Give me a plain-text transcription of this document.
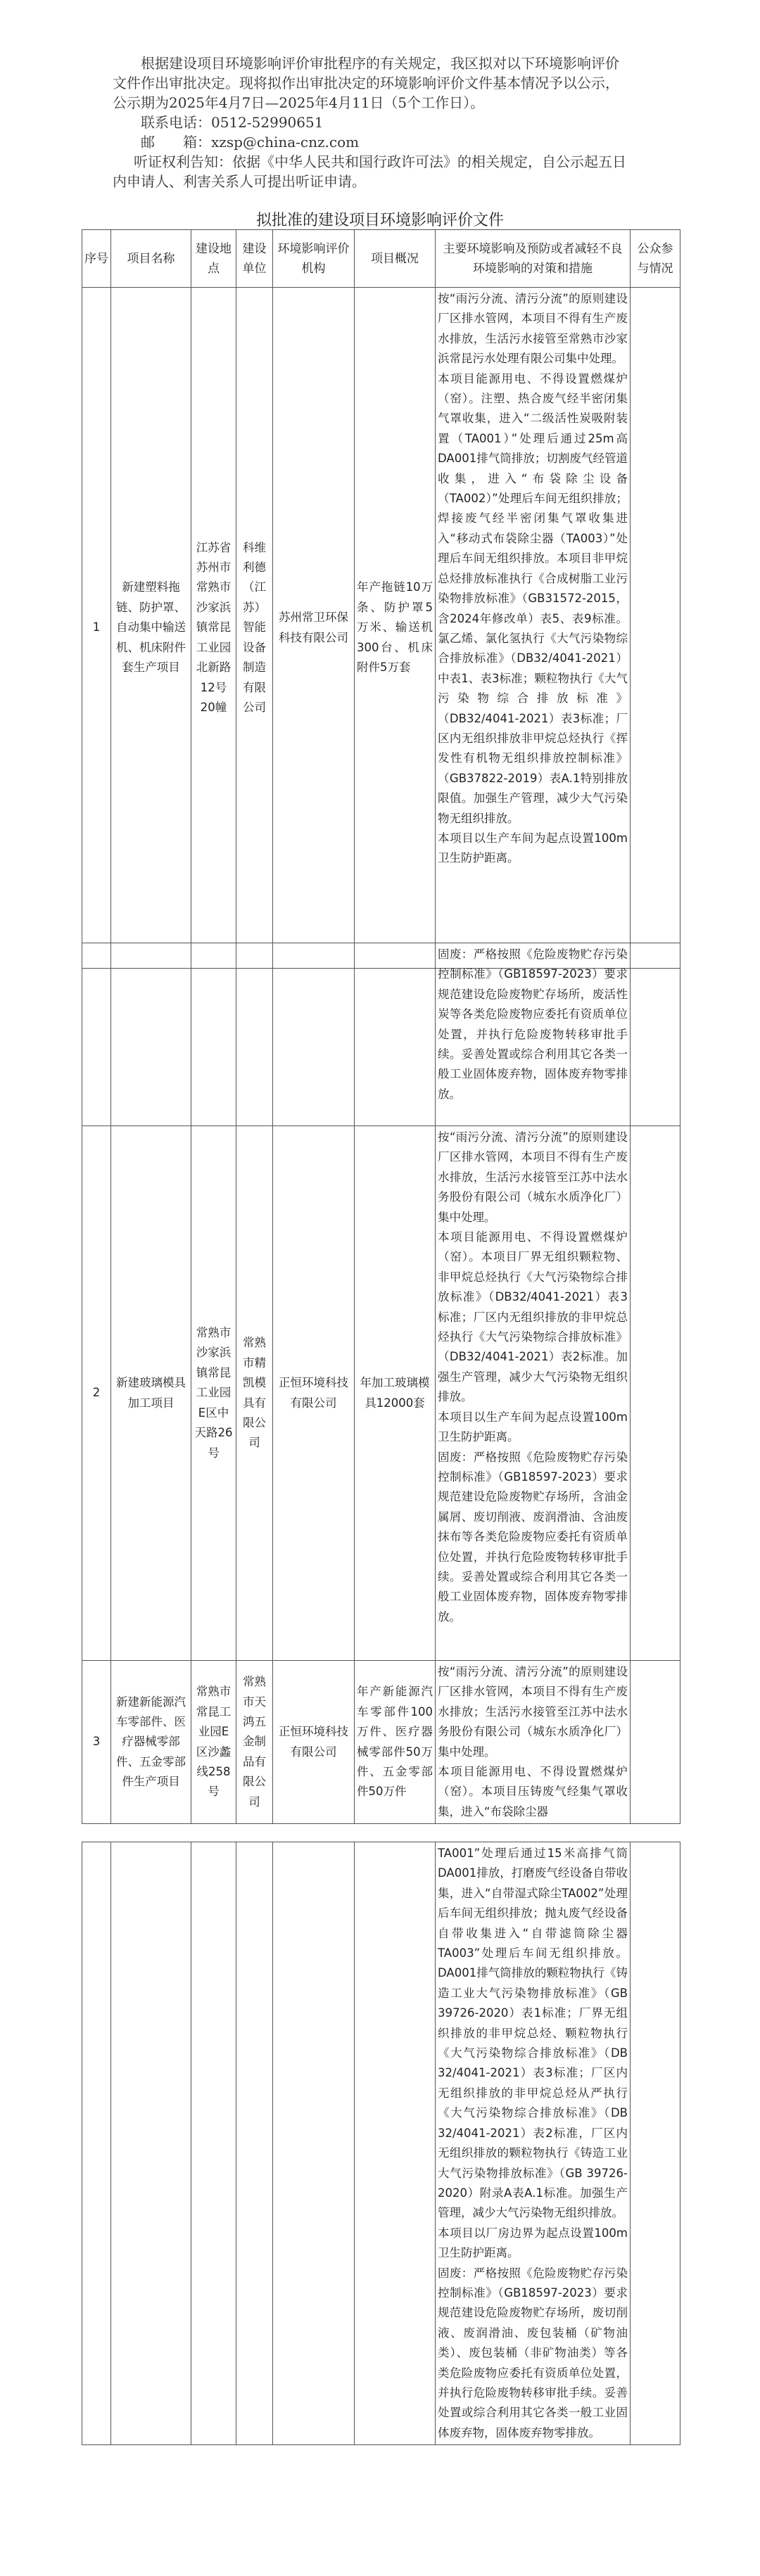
根据建设项目环境影响评价审批程序的有关规定，我区拟对以下环境影响评价文件作出审批决定。现将拟作出审批决定的环境影响评价文件基本情况予以公示，公示期为2025年4月7日—2025年4月11日（5个工作日）。

联系电话：0512-52990651

邮　　箱：xzsp@china-cnz.com

听证权利告知：依据《中华人民共和国行政许可法》的相关规定，自公示起五日内申请人、利害关系人可提出听证申请。

拟批准的建设项目环境影响评价文件
序号	项目名称	建设地点	建设单位	环境影响评价机构	项目概况	主要环境影响及预防或者减轻不良环境影响的对策和措施	公众参与情况
1	新建塑料拖链、防护罩、自动集中输送机、机床附件套生产项目	江苏省苏州市常熟市沙家浜镇常昆工业园北新路12号20幢	科维利德（江苏）智能设备制造有限公司	苏州常卫环保科技有限公司	年产拖链10万条、防护罩5万米、输送机300台、机床附件5万套	按“雨污分流、清污分流”的原则建设厂区排水管网，本项目不得有生产废水排放，生活污水接管至常熟市沙家浜常昆污水处理有限公司集中处理。
本项目能源用电、不得设置燃煤炉（窑）。注塑、热合废气经半密闭集气罩收集，进入“二级活性炭吸附装置（TA001）”处理后通过25m高DA001排气筒排放；切割废气经管道收集，进入“布袋除尘设备（TA002）”处理后车间无组织排放；焊接废气经半密闭集气罩收集进入“移动式布袋除尘器（TA003）”处理后车间无组织排放。本项目非甲烷总烃排放标准执行《合成树脂工业污染物排放标准》（GB31572-2015，含2024年修改单）表5、表9标准。氯乙烯、氯化氢执行《大气污染物综合排放标准》（DB32/4041-2021）中表1、表3标准；颗粒物执行《大气污染物综合排放标准》（DB32/4041-2021）表3标准；厂区内无组织排放非甲烷总烃执行《挥发性有机物无组织排放控制标准》（GB37822-2019）表A.1特别排放限值。加强生产管理，减少大气污染物无组织排放。
本项目以生产车间为起点设置100m卫生防护距离。	

						固废：严格按照《危险废物贮存污染控制标准》（GB18597-2023）要求规范建设危险废物贮存场所，废活性炭等各类危险废物应委托有资质单位处置，并执行危险废物转移审批手续。妥善处置或综合利用其它各类一般工业固体废弃物，固体废弃物零排放。	

2	新建玻璃模具加工项目	常熟市沙家浜镇常昆工业园E区中天路26号	常熟市精凯模具有限公司	正恒环境科技有限公司	年加工玻璃模具12000套	按“雨污分流、清污分流”的原则建设厂区排水管网，本项目不得有生产废水排放，生活污水接管至江苏中法水务股份有限公司（城东水质净化厂）集中处理。
本项目能源用电、不得设置燃煤炉（窑）。本项目厂界无组织颗粒物、非甲烷总烃执行《大气污染物综合排放标准》（DB32/4041-2021）表3标准；厂区内无组织排放的非甲烷总烃执行《大气污染物综合排放标准》（DB32/4041-2021）表2标准。加强生产管理，减少大气污染物无组织排放。
本项目以生产车间为起点设置100m卫生防护距离。
固废：严格按照《危险废物贮存污染控制标准》（GB18597-2023）要求规范建设危险废物贮存场所，含油金属屑、废切削液、废润滑油、含油废抹布等各类危险废物应委托有资质单位处置，并执行危险废物转移审批手续。妥善处置或综合利用其它各类一般工业固体废弃物，固体废弃物零排放。	

3	新建新能源汽车零部件、医疗器械零部件、五金零部件生产项目	常熟市常昆工业园E区沙蠡线258号	常熟市天鸿五金制品有限公司	正恒环境科技有限公司	年产新能源汽车零部件100万件、医疗器械零部件50万件、五金零部件50万件	按“雨污分流、清污分流”的原则建设厂区排水管网，本项目不得有生产废水排放；生活污水接管至江苏中法水务股份有限公司（城东水质净化厂）集中处理。
本项目能源用电、不得设置燃煤炉（窑）。本项目压铸废气经集气罩收集，进入“布袋除尘器	

TA001”处理后通过15米高排气筒DA001排放，打磨废气经设备自带收集，进入“自带湿式除尘TA002”处理后车间无组织排放；抛丸废气经设备自带收集进入“自带滤筒除尘器TA003”处理后车间无组织排放。DA001排气筒排放的颗粒物执行《铸造工业大气污染物排放标准》（GB 39726-2020）表1标准；厂界无组织排放的非甲烷总烃、颗粒物执行《大气污染物综合排放标准》（DB 32/4041-2021）表3标准；厂区内无组织排放的非甲烷总烃从严执行《大气污染物综合排放标准》（DB 32/4041-2021）表2标准，厂区内无组织排放的颗粒物执行《铸造工业大气污染物排放标准》（GB 39726-2020）附录A表A.1标准。加强生产管理，减少大气污染物无组织排放。
本项目以厂房边界为起点设置100m卫生防护距离。
固废：严格按照《危险废物贮存污染控制标准》（GB18597-2023）要求规范建设危险废物贮存场所，废切削液、废润滑油、废包装桶（矿物油类）、废包装桶（非矿物油类）等各类危险废物应委托有资质单位处置，并执行危险废物转移审批手续。妥善处置或综合利用其它各类一般工业固体废弃物，固体废弃物零排放。
